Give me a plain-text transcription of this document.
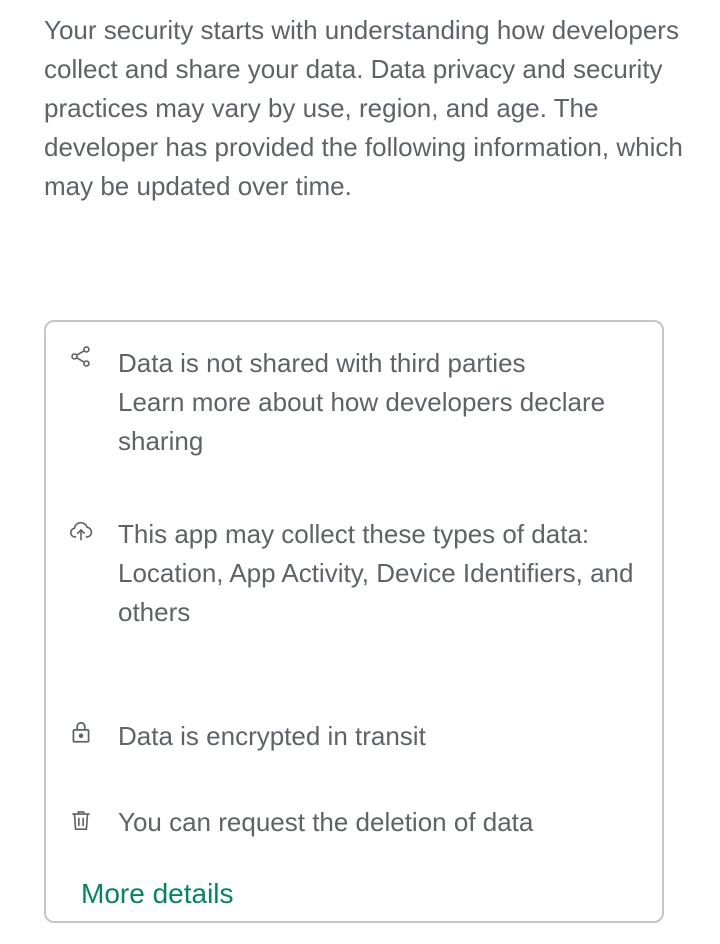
Your security starts with understanding how developers collect and share your data. Data privacy and security practices may vary by use, region, and age. The developer has provided the following information, which may be updated over time.

Data is not shared with third parties
Learn more about how developers declare sharing
This app may collect these types of data:
Location, App Activity, Device Identifiers, and others
Data is encrypted in transit
You can request the deletion of data
More details
